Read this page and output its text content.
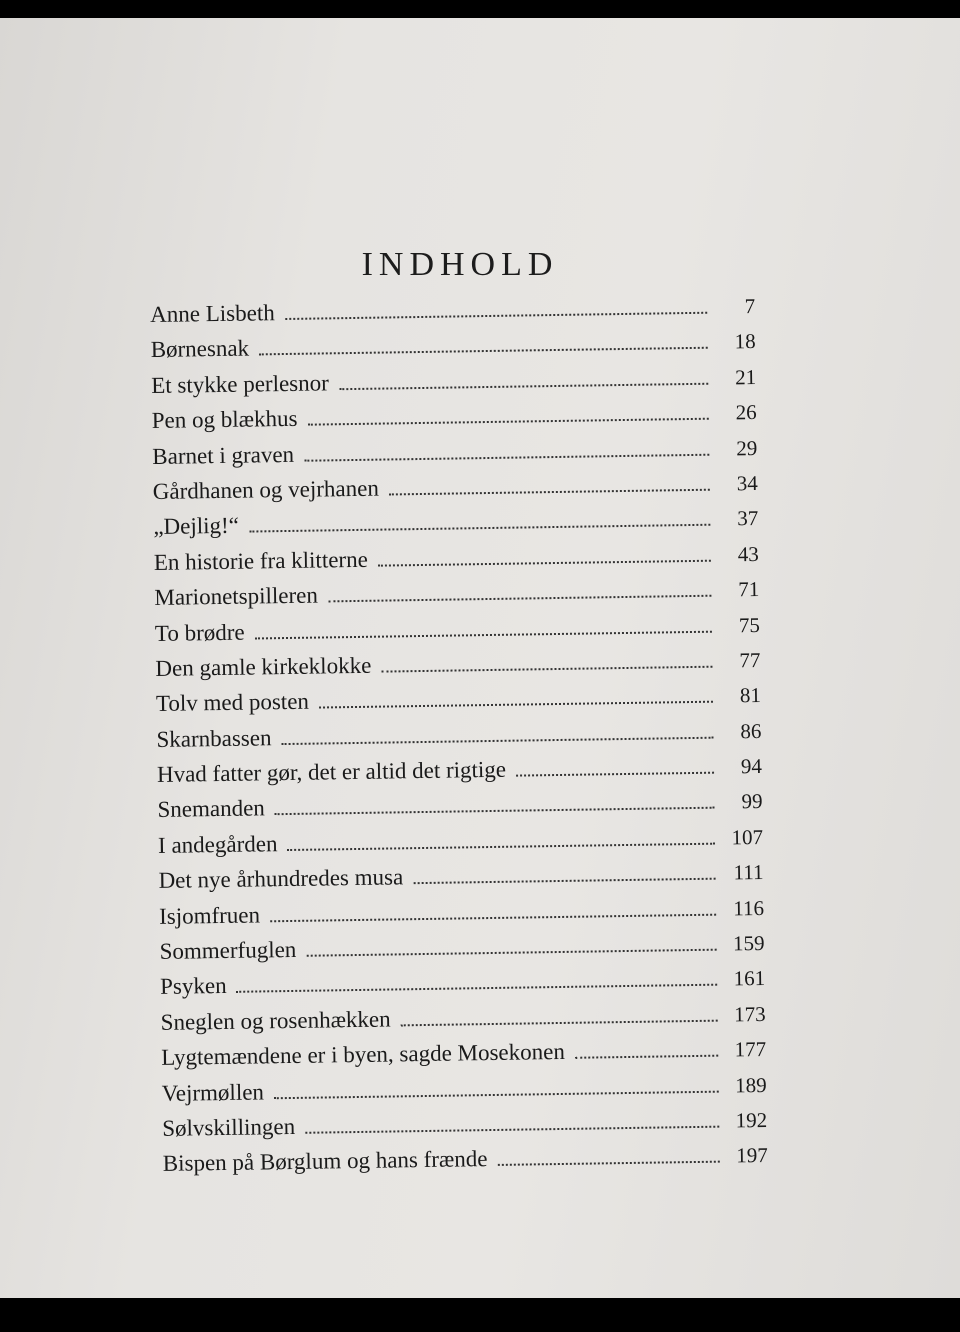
INDHOLD
Anne Lisbeth	7
Børnesnak	18
Et stykke perlesnor	21
Pen og blækhus	26
Barnet i graven	29
Gårdhanen og vejrhanen	34
„Dejlig!“	37
En historie fra klitterne	43
Marionetspilleren	71
To brødre	75
Den gamle kirkeklokke	77
Tolv med posten	81
Skarnbassen	86
Hvad fatter gør, det er altid det rigtige	94
Snemanden	99
I andegården	107
Det nye århundredes musa	111
Isjomfruen	116
Sommerfuglen	159
Psyken	161
Sneglen og rosenhækken	173
Lygtemændene er i byen, sagde Mosekonen	177
Vejrmøllen	189
Sølvskillingen	192
Bispen på Børglum og hans frænde	197
